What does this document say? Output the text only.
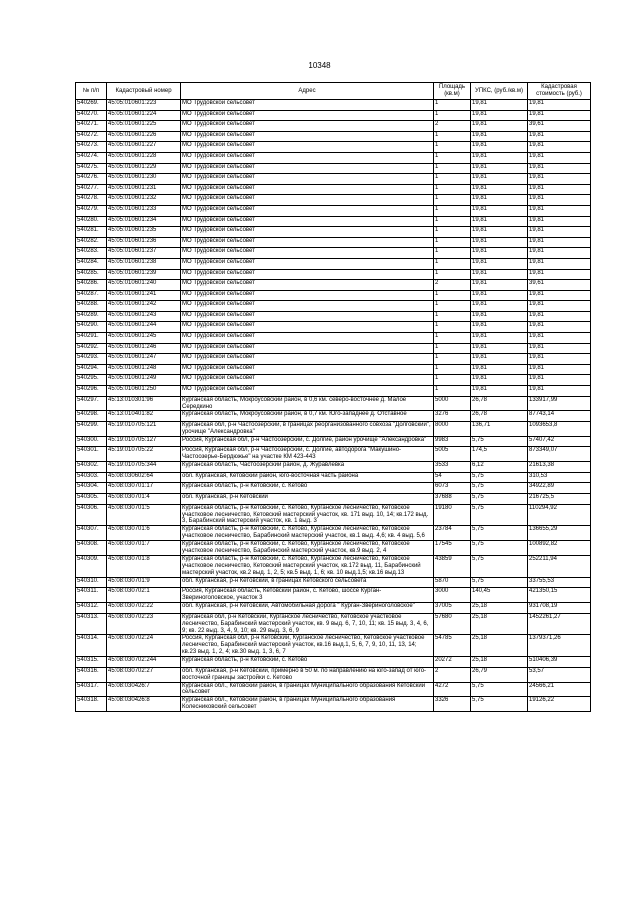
10348
№ п/п	Кадастровый номер	Адрес	Площадь (кв.м)	УПКС, (руб./кв.м)	Кадастровая стоимость (руб.)
540269.	45:05:010601:223	МО Трудовской сельсовет	1	19,81	19,81
540270.	45:05:010601:224	МО Трудовской сельсовет	1	19,81	19,81
540271.	45:05:010601:225	МО Трудовской сельсовет	2	19,81	39,61
540272.	45:05:010601:226	МО Трудовской сельсовет	1	19,81	19,81
540273.	45:05:010601:227	МО Трудовской сельсовет	1	19,81	19,81
540274.	45:05:010601:228	МО Трудовской сельсовет	1	19,81	19,81
540275.	45:05:010601:229	МО Трудовской сельсовет	1	19,81	19,81
540276.	45:05:010601:230	МО Трудовской сельсовет	1	19,81	19,81
540277.	45:05:010601:231	МО Трудовской сельсовет	1	19,81	19,81
540278.	45:05:010601:232	МО Трудовской сельсовет	1	19,81	19,81
540279.	45:05:010601:233	МО Трудовской сельсовет	1	19,81	19,81
540280.	45:05:010601:234	МО Трудовской сельсовет	1	19,81	19,81
540281.	45:05:010601:235	МО Трудовской сельсовет	1	19,81	19,81
540282.	45:05:010601:236	МО Трудовской сельсовет	1	19,81	19,81
540283.	45:05:010601:237	МО Трудовской сельсовет	1	19,81	19,81
540284.	45:05:010601:238	МО Трудовской сельсовет	1	19,81	19,81
540285.	45:05:010601:239	МО Трудовской сельсовет	1	19,81	19,81
540286.	45:05:010601:240	МО Трудовской сельсовет	2	19,81	39,61
540287.	45:05:010601:241	МО Трудовской сельсовет	1	19,81	19,81
540288.	45:05:010601:242	МО Трудовской сельсовет	1	19,81	19,81
540289.	45:05:010601:243	МО Трудовской сельсовет	1	19,81	19,81
540290.	45:05:010601:244	МО Трудовской сельсовет	1	19,81	19,81
540291.	45:05:010601:245	МО Трудовской сельсовет	1	19,81	19,81
540292.	45:05:010601:246	МО Трудовской сельсовет	1	19,81	19,81
540293.	45:05:010601:247	МО Трудовской сельсовет	1	19,81	19,81
540294.	45:05:010601:248	МО Трудовской сельсовет	1	19,81	19,81
540295.	45:05:010601:249	МО Трудовской сельсовет	1	19,81	19,81
540296.	45:05:010601:250	МО Трудовской сельсовет	1	19,81	19,81
540297.	45:13:010301:96	Курганская область, Мокроусовский район, в 0,6 км. северо-восточнее д. Малое Середкино	5000	26,78	133917,99
540298.	45:13:010401:82	Курганская область, Мокроусовский район, в 0,7 км. Юго-западнее д. Отставное	3276	26,78	87743,14
540299.	45:19:010705:121	Курганская обл, р-н Частоозерский, в границах реорганизованного совхоза "Долговский", урочище "Александровка"	8000	136,71	1093653,8
540300.	45:19:010705:127	Россия, Курганская обл, р-н Частоозерский, с. Долгие, район урочище "Александровка"	9983	5,75	57407,42
540301.	45:19:010705:22	Россия, Курганская обл, р-н Частоозерский, с. Долгие, автодорога "Макушино-Частоозерье-Бердюжье" на участке КМ 423-443	5005	174,5	873349,07
540302.	45:19:010705:344	Курганская область, Частоозерский район, д. Журавлевка	3533	6,12	21613,38
540303.	45:08:030602:64	обл. Курганская, Кетовский район, юго-восточная часть района	54	5,75	310,53
540304.	45:08:030701:17	Курганская область, р-н Кетовский, с. Кетово	6073	5,75	34922,89
540305.	45:08:030701:4	обл. Курганская, р-н Кетовский	37688	5,75	216725,5
540306.	45:08:030701:5	Курганская область, р-н Кетовский, с. Кетово, Курганское лесничество, Кетовское участковое лесничество, Кетовский мастерский участок, кв. 171 выд. 10, 14; кв.172 выд. 3, Барабинский мастерский участок, кв. 1 выд. 3	19180	5,75	110294,92
540307.	45:08:030701:6	Курганская область, р-н Кетовский, с. Кетово, Курганское лесничество, Кетовское участковое лесничество, Барабинский мастерский участок, кв.1 выд. 4,6; кв. 4 выд. 5,6	23784	5,75	136655,29
540308.	45:08:030701:7	Курганская область, р-н Кетовский, с. Кетово, Курганское лесничество, Кетовское участковое лесничество, Барабинский мастерский участок, кв.9 выд. 2, 4	17545	5,75	100892,82
540309.	45:08:030701:8	Курганская область, р-н Кетовский, с. Кетово, Курганское лесничество, Кетовское участковое лесничество, Кетовский мастерский участок, кв.172 выд. 11, Барабинский мастерский участок, кв.2 выд. 1, 2, 5; кв.5 выд. 1, 6; кв. 10 выд.1,5; кв.16 выд.13	43859	5,75	252211,94
540310.	45:08:030701:9	обл. Курганская, р-н Кетовский, в границах Кетовского сельсовета	5870	5,75	33755,53
540311.	45:08:030702:1	Россия, Курганская область, Кетовский район, с. Кетово, шоссе Курган-Звериноголовское, участок 3	3000	140,45	421350,15
540312.	45:08:030702:22	обл. Курганская, р-н Кетовский, Автомобильная дорога " Курган-Звериноголовское"	37005	25,18	931708,19
540313.	45:08:030702:23	Курганская обл, р-н Кетовский, Курганское лесничество, Кетовское участковое лесничество, Барабинский мастерский участок, кв. 9 выд. 6, 7, 10, 11; кв. 15 выд. 3, 4, 6, 9; кв. 22 выд. 3, 4, 9, 10; кв. 29 выд. 3, 6, 9	57680	25,18	1452261,27
540314.	45:08:030702:24	Россия, Курганская обл, р-н Кетовский, Курганское лесничество, Кетовское участковое лесничество, Барабинский мастерский участок, кв.16 выд.1, 5, 6, 7, 9, 10, 11, 13, 14; кв.23 выд. 1, 2, 4; кв.30 выд. 1, 3, 6, 7	54785	25,18	1379371,26
540315.	45:08:030702:244	Курганская область, р-н Кетовский, с. Кетово	20272	25,18	510406,39
540316.	45:08:030702:27	обл. Курганская, р-н Кетовский, примерно в 50 м. по направлению на юго-запад от юго-восточной границы застройки с. Кетово	2	26,79	53,57
540317.	45:08:030426:7	Курганская обл., Кетовский район, в границах Муниципального образования Кетовский сельсовет	4272	5,75	24566,21
540318.	45:08:030426:8	Курганская обл., Кетовский район, в границах Муниципального образования Колесниковский сельсовет	3326	5,75	19126,22
